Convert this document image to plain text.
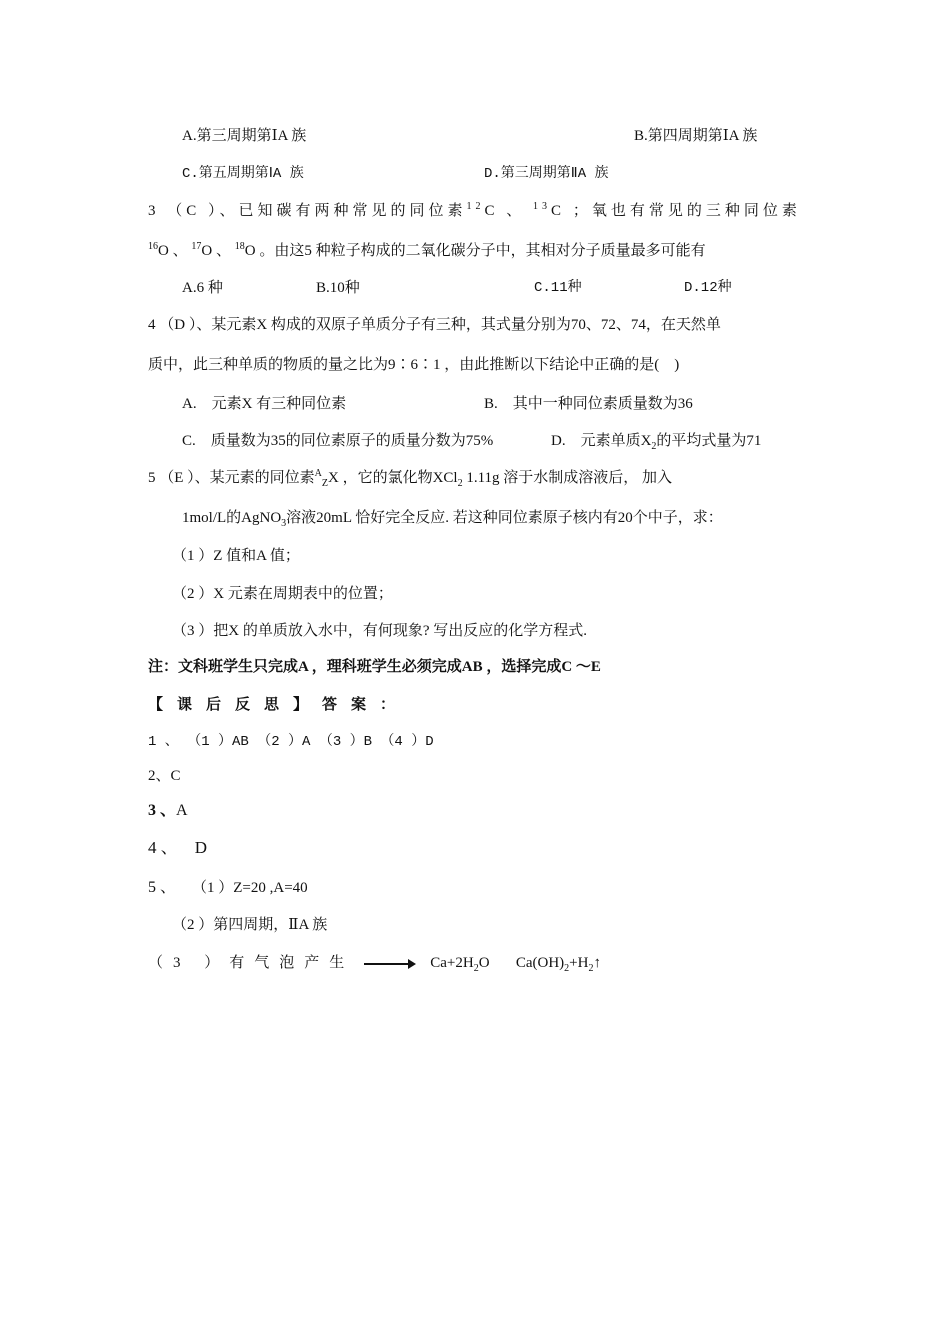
A.第三周期第ⅠA 族	B.第四周期第ⅠA 族
C.第五周期第ⅠA 族	D.第三周期第ⅡA 族
3 （C ）、已知碳有两种常见的同位素$^{12}$C 、 $^{13}$C ；氧也有常见的三种同位素
$^{16}$O 、 $^{17}$O 、 $^{18}$O 。由这5 种粒子构成的二氧化碳分子中，其相对分子质量最多可能有
A.6 种	B.10种	C.11种	D.12种
4 （D ）、某元素X 构成的双原子单质分子有三种，其式量分别为70、72、74，在天然单
质中，此三种单质的物质的量之比为9∶6∶1 ，由此推断以下结论中正确的是(　)
A.　元素X 有三种同位素	B.　其中一种同位素质量数为36
C.　质量数为35的同位素原子的质量分数为75%	D.　元素单质$X_2$的平均式量为71
5 （E ）、某元素的同位素$^A_Z$X ，它的氯化物XCl$_2$ 1.11g 溶于水制成溶液后， 加入
1mol/L的AgNO$_3$溶液20mL 恰好完全反应. 若这种同位素原子核内有20个中子，求：
（1 ）Z 值和A 值；
（2 ）X 元素在周期表中的位置；
（3 ）把X 的单质放入水中，有何现象? 写出反应的化学方程式.
注：文科班学生只完成A ，理科班学生必须完成AB ，选择完成C ～E
【课后反思】答案：
1 、 （1 ）AB （2 ）A （3 ）B （4 ）D
2、C
3 、A
4 、 D
5 、 （1 ）Z=20 ,A=40
（2 ）第四周期，ⅡA 族
（3 ）有气泡产生	$Ca+2H_2O$ $Ca(OH)_2+H_2↑$
